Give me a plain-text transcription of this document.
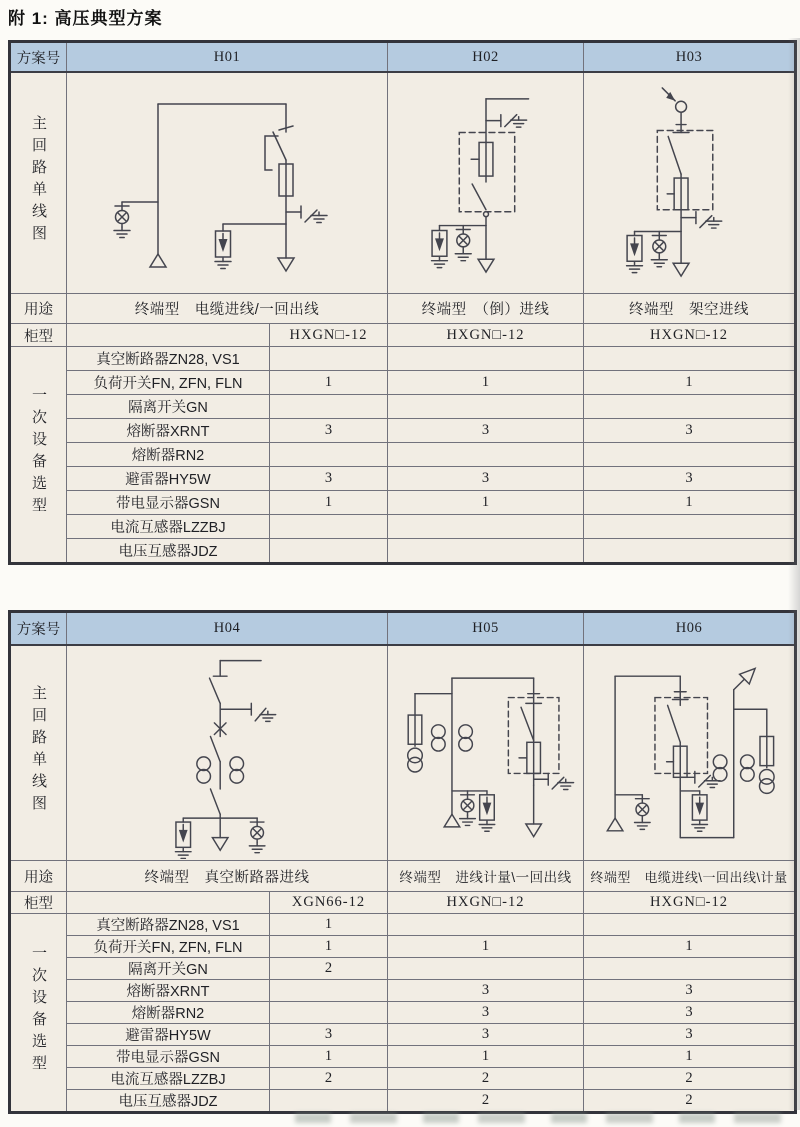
附 1: 高压典型方案
方案号	H01		H02	H03
主回路单线图	

用途	终端型　电缆进线/一回出线		终端型　（倒）进线	终端型　架空进线
柜型		HXGN□-12	HXGN□-12	HXGN□-12
一次设备选型	真空断路器ZN28, VS1			
	负荷开关FN, ZFN, FLN	1	1	1
	隔离开关GN			
	熔断器XRNT	3	3	3
	熔断器RN2			
	避雷器HY5W	3	3	3
	带电显示器GSN	1	1	1
	电流互感器LZZBJ			
	电压互感器JDZ			
方案号	H04		H05	H06
主回路单线图	

用途	终端型　真空断路器进线		终端型　进线计量\一回出线	终端型　电缆进线\一回出线\计量
柜型		XGN66-12	HXGN□-12	HXGN□-12
一次设备选型	真空断路器ZN28, VS1	1		
	负荷开关FN, ZFN, FLN	1	1	1
	隔离开关GN	2		
	熔断器XRNT		3	3
	熔断器RN2		3	3
	避雷器HY5W	3	3	3
	带电显示器GSN	1	1	1
	电流互感器LZZBJ	2	2	2
	电压互感器JDZ		2	2
